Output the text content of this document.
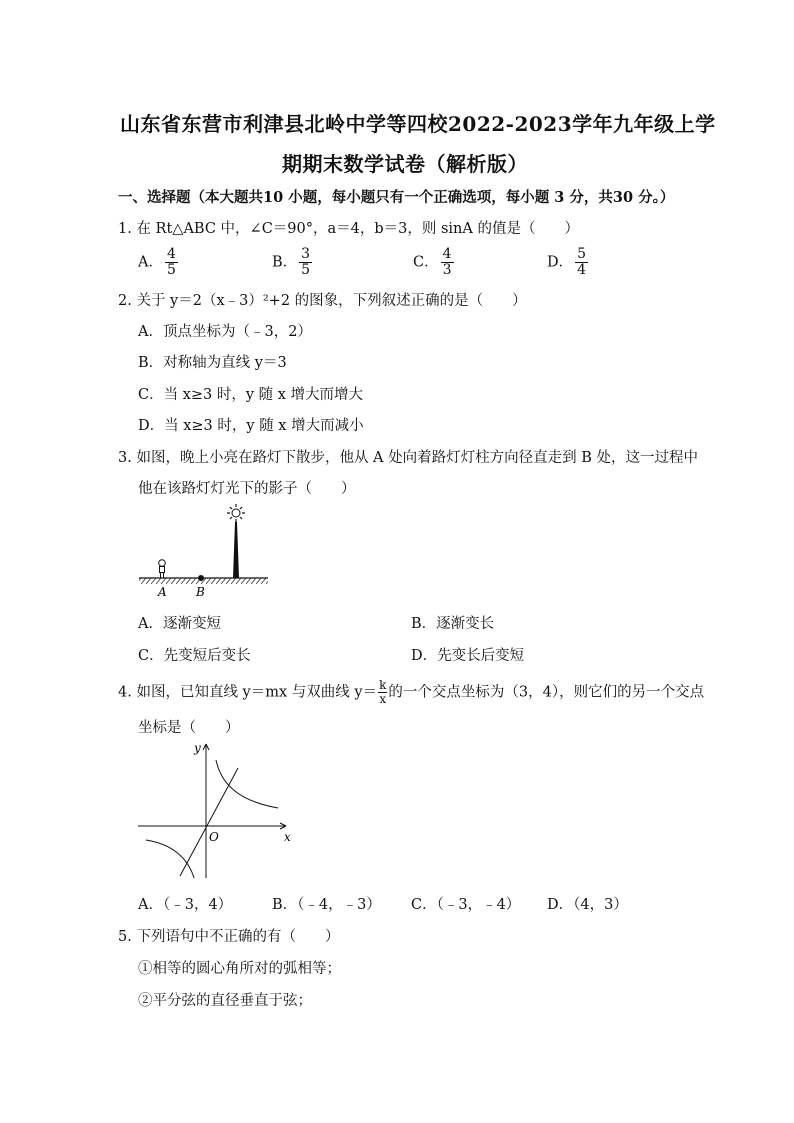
山东省东营市利津县北岭中学等四校2022-2023学年九年级上学
期期末数学试卷（解析版）
一、选择题（本大题共10 小题，每小题只有一个正确选项，每小题 3 分，共30 分。）
1. 在 Rt△ABC 中，∠C＝90°，a＝4，b＝3，则 sinA 的值是（　　）
A． $\frac{4}{5}$	B． $\frac{3}{5}$	C． $\frac{4}{3}$	D． $\frac{5}{4}$
2. 关于 y＝2（x﹣3）²+2 的图象，下列叙述正确的是（　　）
A．顶点坐标为（﹣3，2）
B．对称轴为直线 y＝3
C．当 x≥3 时，y 随 x 增大而增大
D．当 x≥3 时，y 随 x 增大而减小
3. 如图，晚上小亮在路灯下散步，他从 A 处向着路灯灯柱方向径直走到 B 处，这一过程中
他在该路灯灯光下的影子（　　）
A B
A．逐渐变短	B．逐渐变长
C．先变短后变长	D．先变长后变短
4. 如图，已知直线 y＝mx 与双曲线 $y= \frac{k}{x}$ 的一个交点坐标为（3，4），则它们的另一个交点
坐标是（　　）
y
x
O
A．（﹣3，4）	B．（﹣4，﹣3） C．（﹣3，﹣4） D．（4，3）
5. 下列语句中不正确的有（　　）
①相等的圆心角所对的弧相等；
②平分弦的直径垂直于弦；
